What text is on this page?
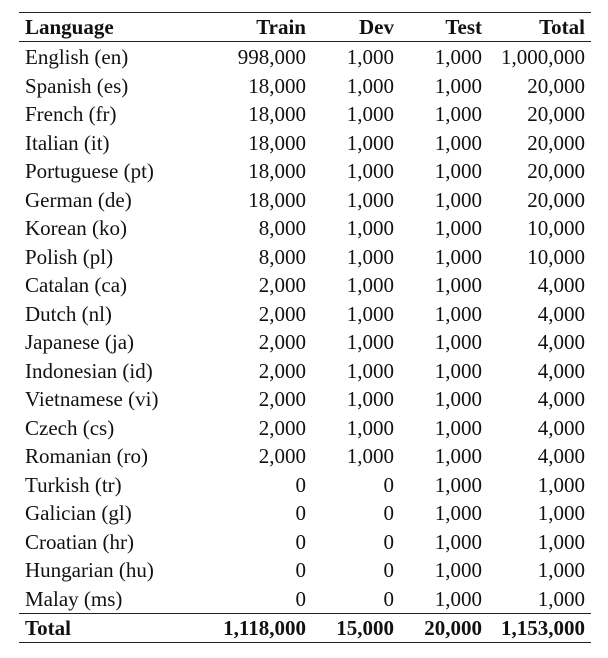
Language	Train	Dev	Test	Total
English (en)	998,000	1,000	1,000	1,000,000
Spanish (es)	18,000	1,000	1,000	20,000
French (fr)	18,000	1,000	1,000	20,000
Italian (it)	18,000	1,000	1,000	20,000
Portuguese (pt)	18,000	1,000	1,000	20,000
German (de)	18,000	1,000	1,000	20,000
Korean (ko)	8,000	1,000	1,000	10,000
Polish (pl)	8,000	1,000	1,000	10,000
Catalan (ca)	2,000	1,000	1,000	4,000
Dutch (nl)	2,000	1,000	1,000	4,000
Japanese (ja)	2,000	1,000	1,000	4,000
Indonesian (id)	2,000	1,000	1,000	4,000
Vietnamese (vi)	2,000	1,000	1,000	4,000
Czech (cs)	2,000	1,000	1,000	4,000
Romanian (ro)	2,000	1,000	1,000	4,000
Turkish (tr)	0	0	1,000	1,000
Galician (gl)	0	0	1,000	1,000
Croatian (hr)	0	0	1,000	1,000
Hungarian (hu)	0	0	1,000	1,000
Malay (ms)	0	0	1,000	1,000
Total	1,118,000	15,000	20,000	1,153,000
